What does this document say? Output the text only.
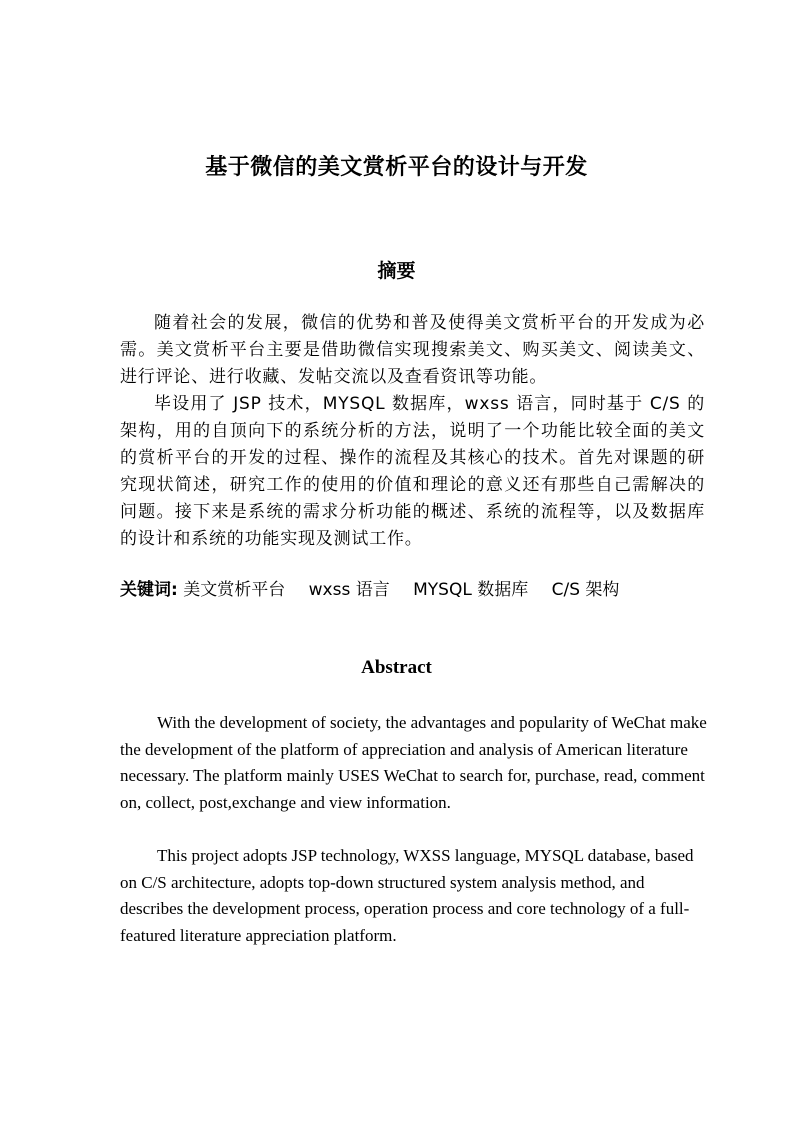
基于微信的美文赏析平台的设计与开发
摘要

随着社会的发展，微信的优势和普及使得美文赏析平台的开发成为必需。美文赏析平台主要是借助微信实现搜索美文、购买美文、阅读美文、进行评论、进行收藏、发帖交流以及查看资讯等功能。

毕设用了 JSP 技术，MYSQL 数据库，wxss 语言，同时基于 C/S 的架构，用的自顶向下的系统分析的方法，说明了一个功能比较全面的美文的赏析平台的开发的过程、操作的流程及其核心的技术。首先对课题的研究现状简述，研究工作的使用的价值和理论的意义还有那些自己需解决的问题。接下来是系统的需求分析功能的概述、系统的流程等，以及数据库的设计和系统的功能实现及测试工作。

关键词: 美文赏析平台 wxss 语言 MYSQL 数据库 C/S 架构
Abstract

With the development of society, the advantages and popularity of WeChat make the development of the platform of appreciation and analysis of American literature necessary. The platform mainly USES WeChat to search for, purchase, read, comment on, collect, post,exchange and view information.

This project adopts JSP technology, WXSS language, MYSQL database, based on C/S architecture, adopts top-down structured system analysis method, and describes the development process, operation process and core technology of a full-featured literature appreciation platform.
